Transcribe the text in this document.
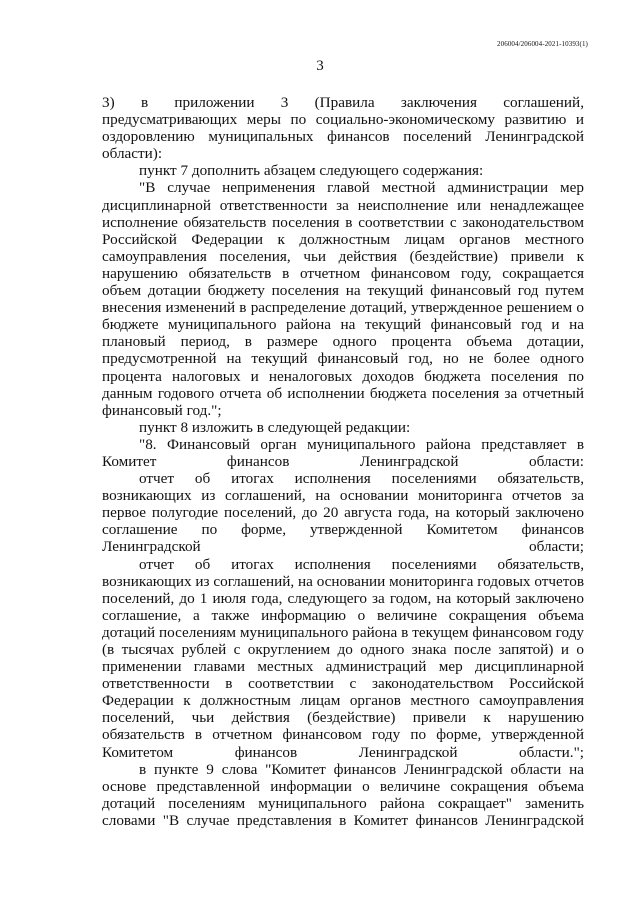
206004/206004-2021-10393(1)
3

3) в приложении 3 (Правила заключения соглашений, предусматривающих меры по социально-экономическому развитию и оздоровлению муниципальных финансов поселений Ленинградской области):

пункт 7 дополнить абзацем следующего содержания:

"В случае неприменения главой местной администрации мер дисциплинарной ответственности за неисполнение или ненадлежащее исполнение обязательств поселения в соответствии с законодательством Российской Федерации к должностным лицам органов местного самоуправления поселения, чьи действия (бездействие) привели к нарушению обязательств в отчетном финансовом году, сокращается объем дотации бюджету поселения на текущий финансовый год путем внесения изменений в распределение дотаций, утвержденное решением о бюджете муниципального района на текущий финансовый год и на плановый период, в размере одного процента объема дотации, предусмотренной на текущий финансовый год, но не более одного процента налоговых и неналоговых доходов бюджета поселения по данным годового отчета об исполнении бюджета поселения за отчетный финансовый год.";

пункт 8 изложить в следующей редакции:

"8. Финансовый орган муниципального района представляет в Комитет финансов Ленинградской области:

отчет об итогах исполнения поселениями обязательств, возникающих из соглашений, на основании мониторинга отчетов за первое полугодие поселений, до 20 августа года, на который заключено соглашение по форме, утвержденной Комитетом финансов Ленинградской области;

отчет об итогах исполнения поселениями обязательств, возникающих из соглашений, на основании мониторинга годовых отчетов поселений, до 1 июля года, следующего за годом, на который заключено соглашение, а также информацию о величине сокращения объема дотаций поселениям муниципального района в текущем финансовом году (в тысячах рублей с округлением до одного знака после запятой) и о применении главами местных администраций мер дисциплинарной ответственности в соответствии с законодательством Российской Федерации к должностным лицам органов местного самоуправления поселений, чьи действия (бездействие) привели к нарушению обязательств в отчетном финансовом году по форме, утвержденной Комитетом финансов Ленинградской области.";

в пункте 9 слова "Комитет финансов Ленинградской области на основе представленной информации о величине сокращения объема дотаций поселениям муниципального района сокращает" заменить словами "В случае представления в Комитет финансов Ленинградской
